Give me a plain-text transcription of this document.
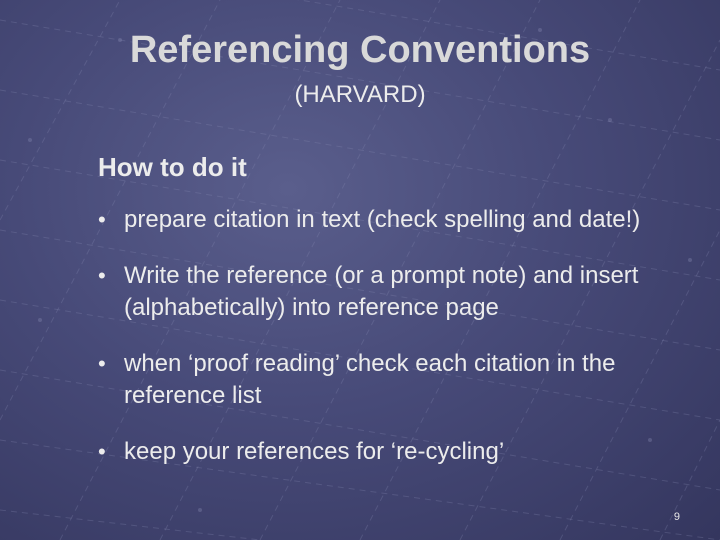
Referencing Conventions
(HARVARD)
How to do it
• prepare citation in text (check spelling and date!)
• Write the reference (or a prompt note) and insert (alphabetically) into reference page
• when ‘proof reading’ check each citation in the reference list
• keep your references for ‘re-cycling’
9
